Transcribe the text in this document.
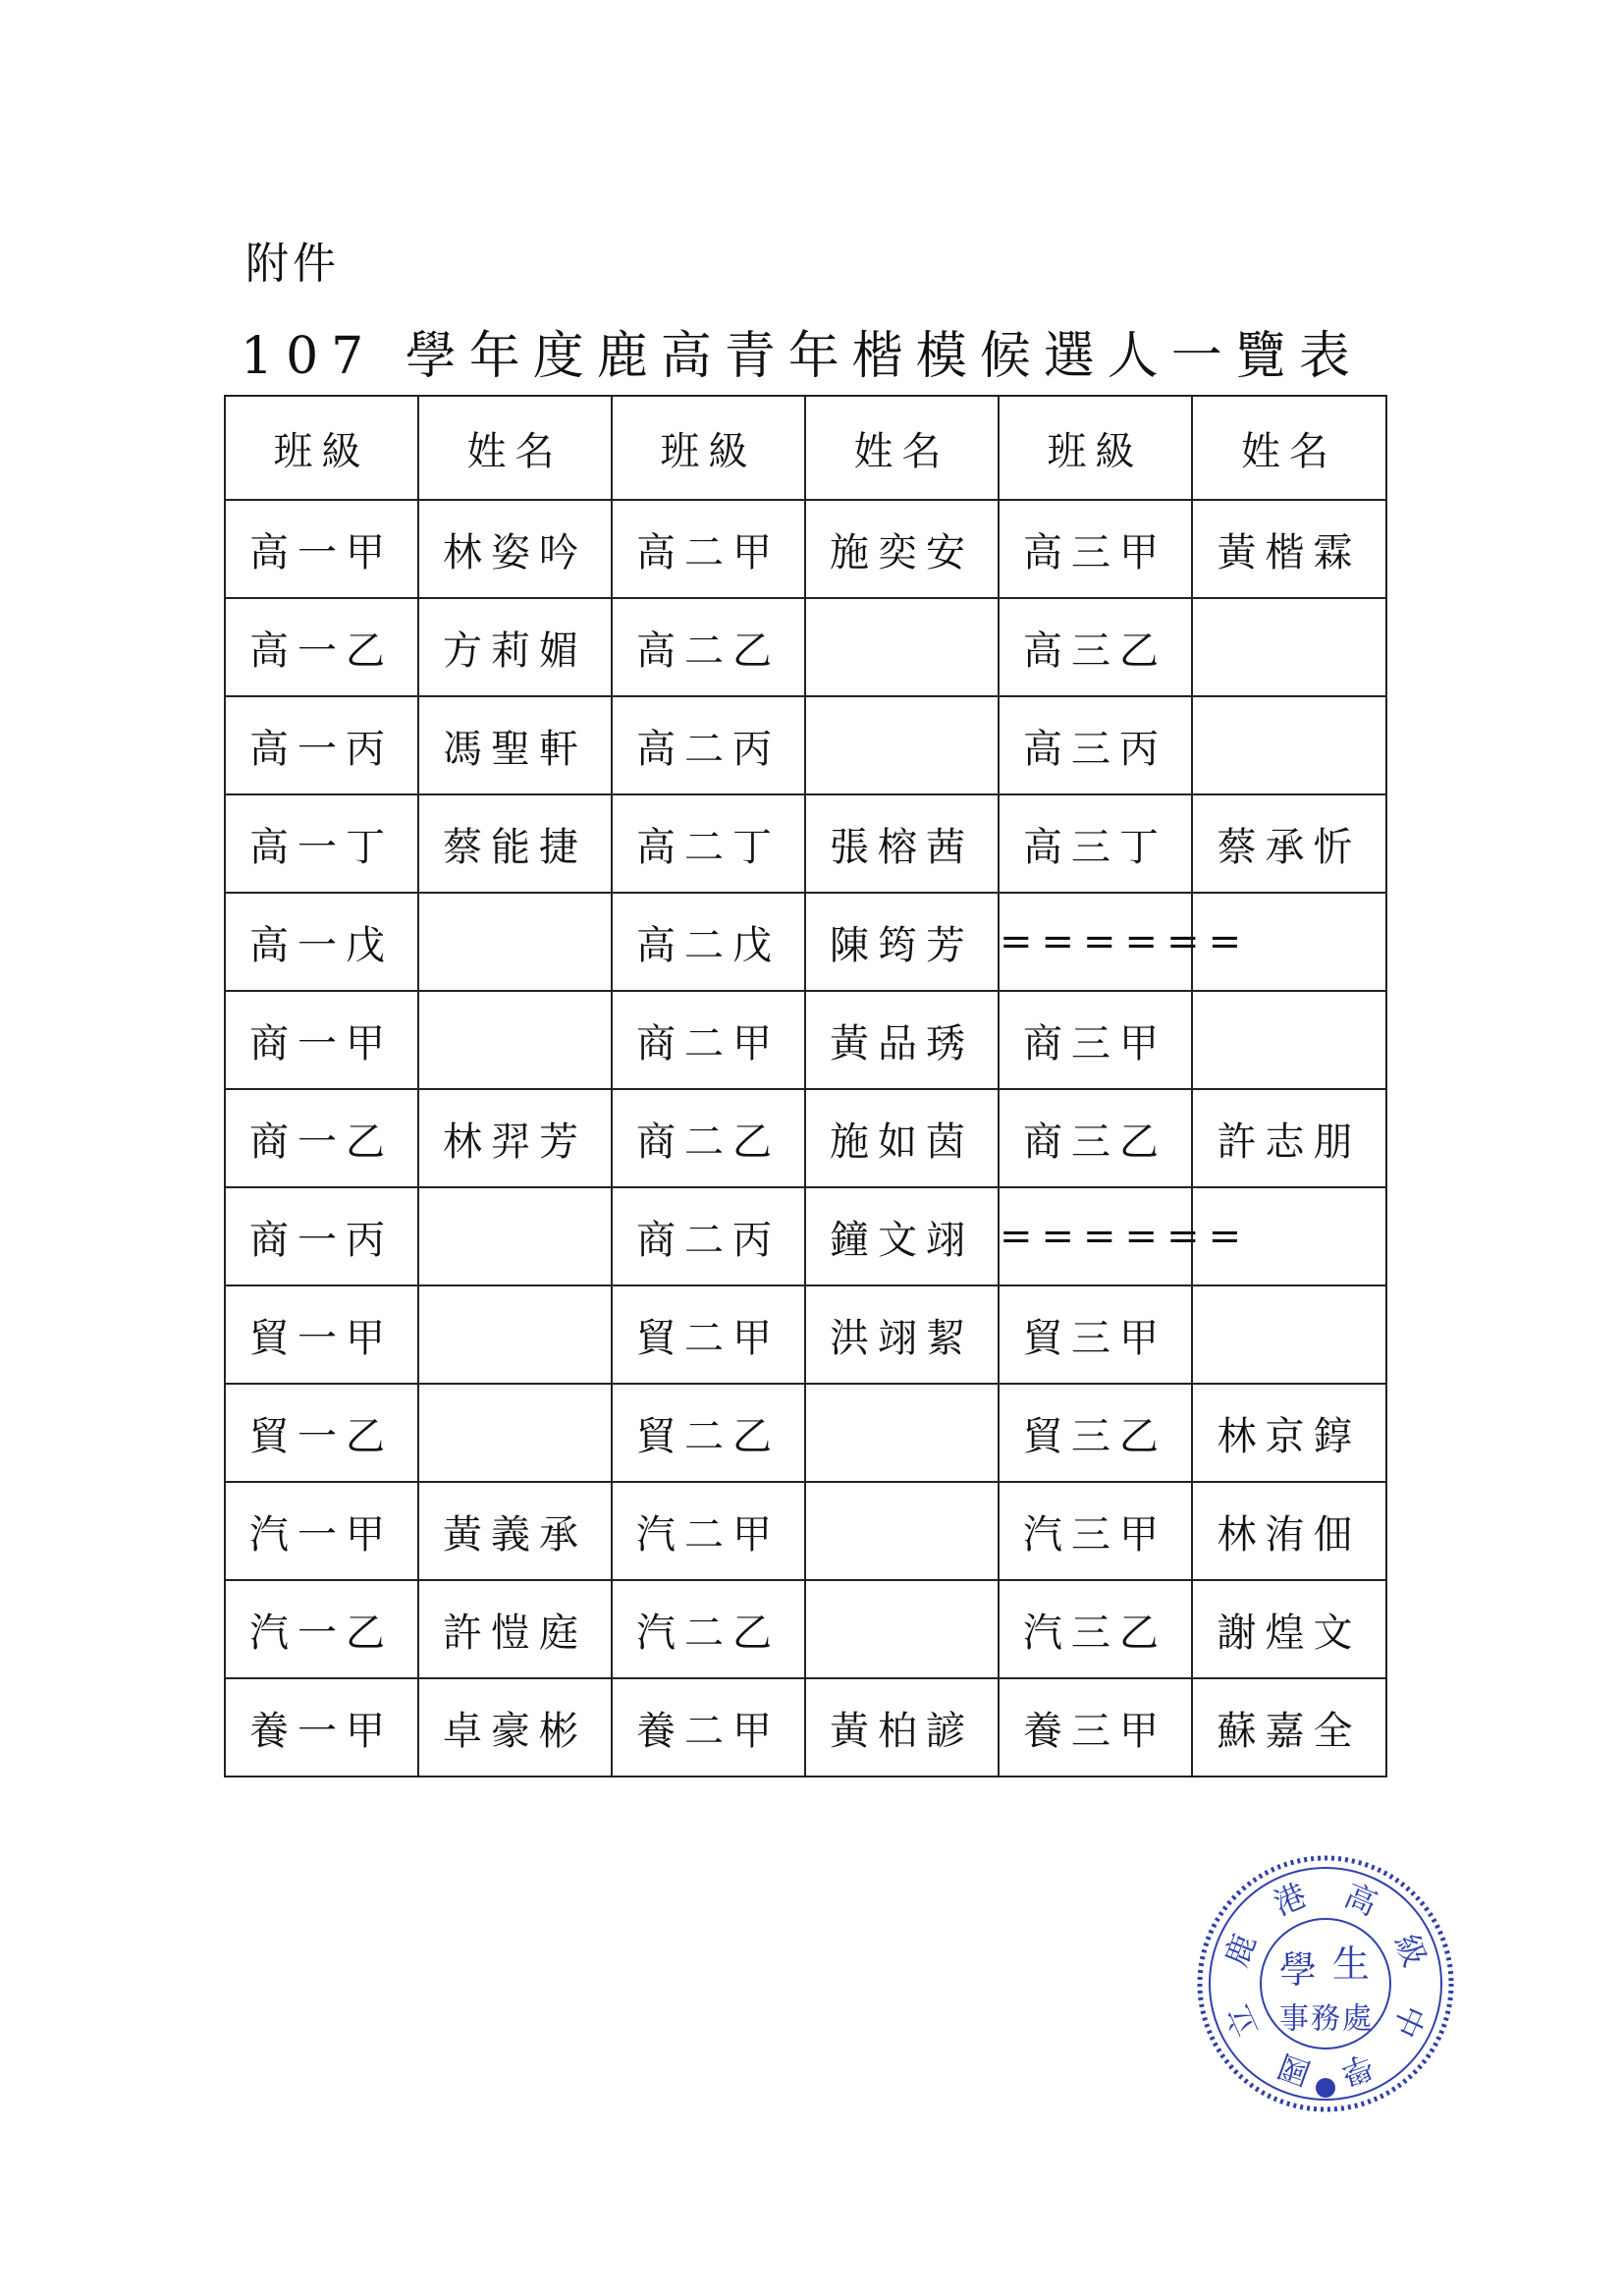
附件
107 學年度鹿高青年楷模候選人一覽表
班級	姓名	班級	姓名	班級	姓名
高一甲	林姿吟	高二甲	施奕安	高三甲	黃楷霖
高一乙	方莉媚	高二乙		高三乙	
高一丙	馮聖軒	高二丙		高三丙	
高一丁	蔡能捷	高二丁	張榕茜	高三丁	蔡承忻
高一戊		高二戊	陳筠芳	======	
商一甲		商二甲	黃品琇	商三甲	
商一乙	林羿芳	商二乙	施如茵	商三乙	許志朋
商一丙		商二丙	鐘文翊	======	
貿一甲		貿二甲	洪翊絜	貿三甲	
貿一乙		貿二乙		貿三乙	林京錞
汽一甲	黃義承	汽二甲		汽三甲	林洧佃
汽一乙	許愷庭	汽二乙		汽三乙	謝煌文
養一甲	卓豪彬	養二甲	黃柏諺	養三甲	蘇嘉全
國
立
鹿
港 高
級
中
學
學 生
事 務 處
